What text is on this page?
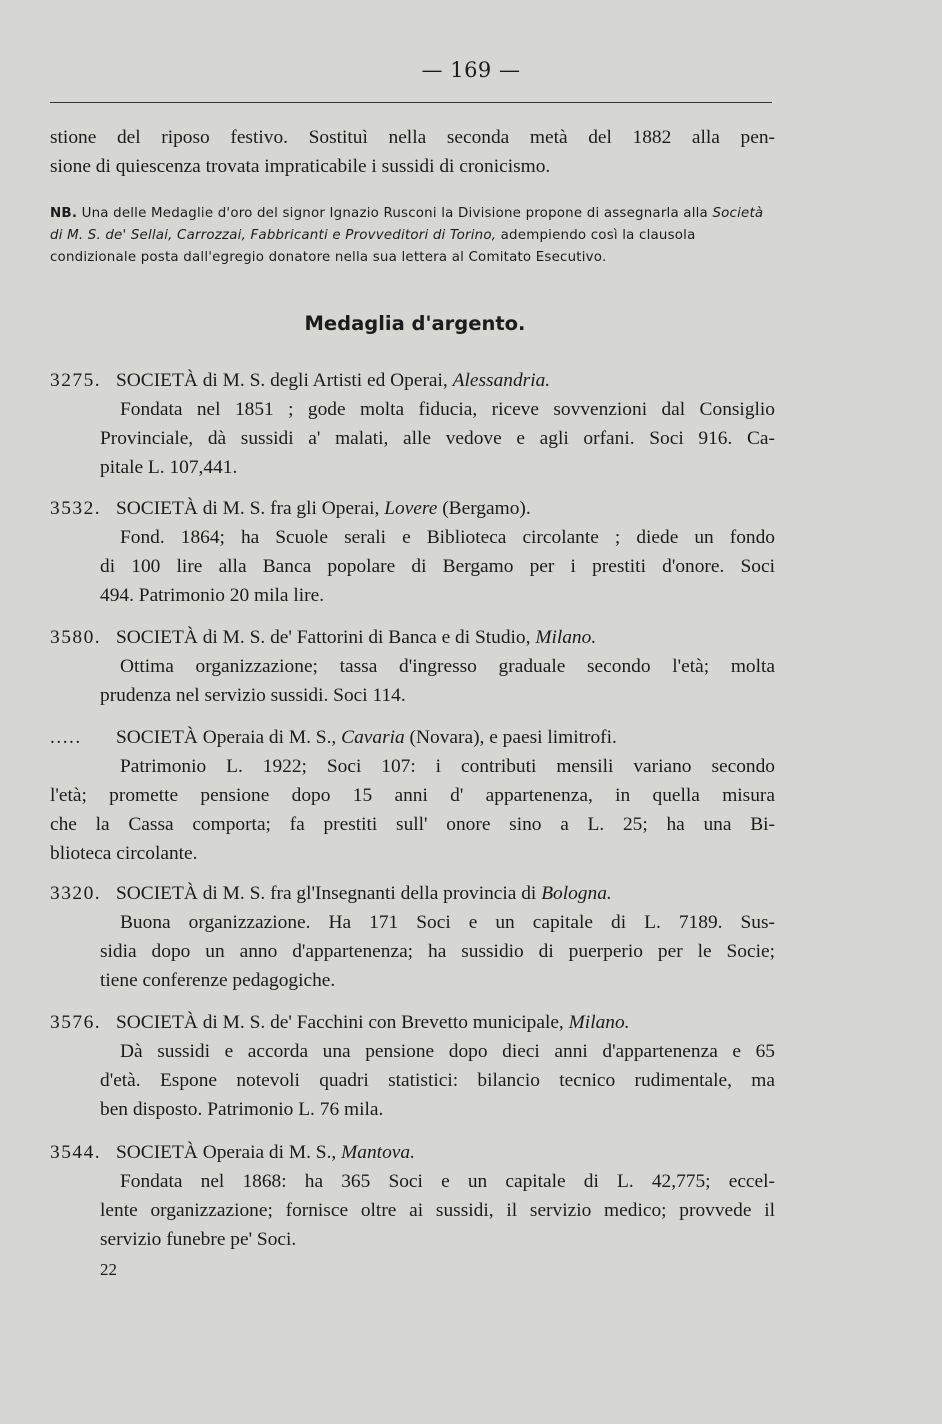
— 169 —
stione del riposo festivo. Sostituì nella seconda metà del 1882 alla pen-
sione di quiescenza trovata impraticabile i sussidi di cronicismo.
NB. Una delle Medaglie d'oro del signor Ignazio Rusconi la Divisione propone di assegnarla alla Società di M. S. de' Sellai, Carrozzai, Fabbricanti e Provveditori di Torino, adempiendo così la clausola condizionale posta dall'egregio donatore nella sua lettera al Comitato Esecutivo.
Medaglia d'argento.
3275. SOCIETÀ di M. S. degli Artisti ed Operai, Alessandria.
Fondata nel 1851 ; gode molta fiducia, riceve sovvenzioni dal Consiglio
Provinciale, dà sussidi a' malati, alle vedove e agli orfani. Soci 916. Ca-
pitale L. 107,441.
3532. SOCIETÀ di M. S. fra gli Operai, Lovere (Bergamo).
Fond. 1864; ha Scuole serali e Biblioteca circolante ; diede un fondo
di 100 lire alla Banca popolare di Bergamo per i prestiti d'onore. Soci
494. Patrimonio 20 mila lire.
3580. SOCIETÀ di M. S. de' Fattorini di Banca e di Studio, Milano.
Ottima organizzazione; tassa d'ingresso graduale secondo l'età; molta
prudenza nel servizio sussidi. Soci 114.
..... SOCIETÀ Operaia di M. S., Cavaria (Novara), e paesi limitrofi.
Patrimonio L. 1922; Soci 107: i contributi mensili variano secondo
l'età; promette pensione dopo 15 anni d' appartenenza, in quella misura
che la Cassa comporta; fa prestiti sull' onore sino a L. 25; ha una Bi-
blioteca circolante.
3320. SOCIETÀ di M. S. fra gl'Insegnanti della provincia di Bologna.
Buona organizzazione. Ha 171 Soci e un capitale di L. 7189. Sus-
sidia dopo un anno d'appartenenza; ha sussidio di puerperio per le Socie;
tiene conferenze pedagogiche.
3576. SOCIETÀ di M. S. de' Facchini con Brevetto municipale, Milano.
Dà sussidi e accorda una pensione dopo dieci anni d'appartenenza e 65
d'età. Espone notevoli quadri statistici: bilancio tecnico rudimentale, ma
ben disposto. Patrimonio L. 76 mila.
3544. SOCIETÀ Operaia di M. S., Mantova.
Fondata nel 1868: ha 365 Soci e un capitale di L. 42,775; eccel-
lente organizzazione; fornisce oltre ai sussidi, il servizio medico; provvede il
servizio funebre pe' Soci.
22
